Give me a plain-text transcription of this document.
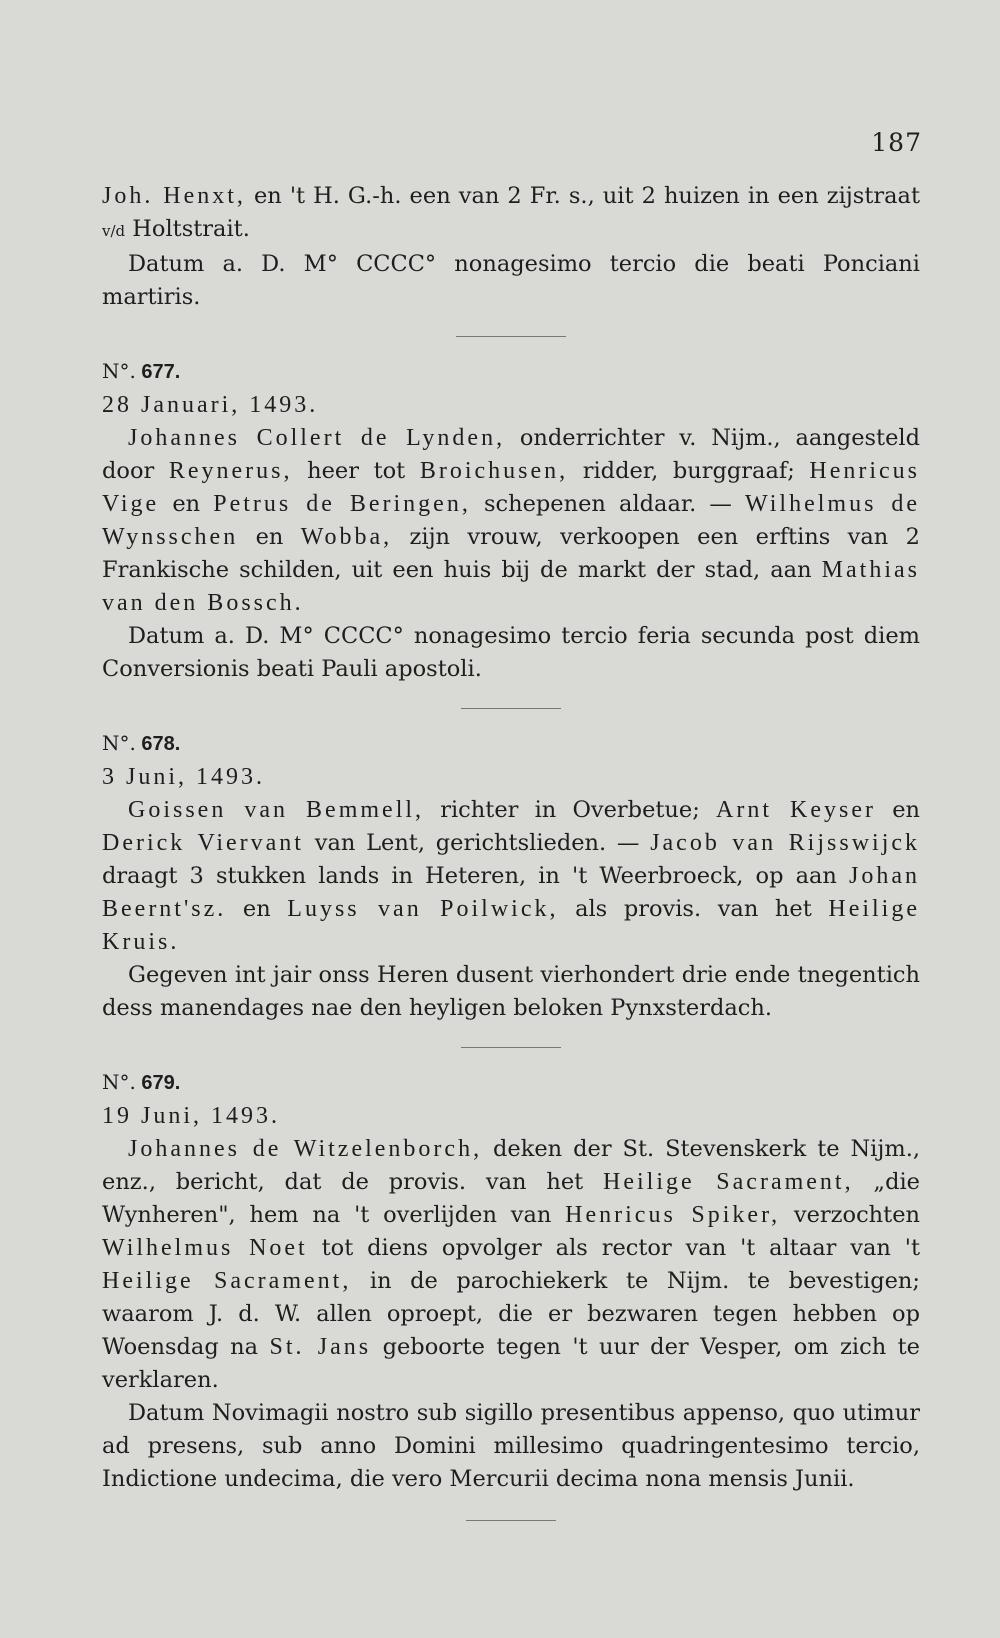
187

Joh. Henxt, en 't H. G.-h. een van 2 Fr. s., uit 2 huizen in een zijstraat v/d Holtstrait.

Datum a. D. M° CCCC° nonagesimo tercio die beati Ponciani martiris.

N°. 677.

28 Januari, 1493.

Johannes Collert de Lynden, onderrichter v. Nijm., aangesteld door Reynerus, heer tot Broichusen, ridder, burggraaf; Henricus Vige en Petrus de Beringen, schepenen aldaar. — Wilhelmus de Wynsschen en Wobba, zijn vrouw, verkoopen een erftins van 2 Frankische schilden, uit een huis bij de markt der stad, aan Mathias van den Bossch.

Datum a. D. M° CCCC° nonagesimo tercio feria secunda post diem Conversionis beati Pauli apostoli.

N°. 678.

3 Juni, 1493.

Goissen van Bemmell, richter in Overbetue; Arnt Keyser en Derick Viervant van Lent, gerichtslieden. — Jacob van Rijsswijck draagt 3 stukken lands in Heteren, in 't Weerbroeck, op aan Johan Beernt'sz. en Luyss van Poilwick, als provis. van het Heilige Kruis.

Gegeven int jair onss Heren dusent vierhondert drie ende tnegentich dess manendages nae den heyligen beloken Pynxsterdach.

N°. 679.

19 Juni, 1493.

Johannes de Witzelenborch, deken der St. Stevenskerk te Nijm., enz., bericht, dat de provis. van het Heilige Sacrament, „die Wynheren", hem na 't overlijden van Henricus Spiker, verzochten Wilhelmus Noet tot diens opvolger als rector van 't altaar van 't Heilige Sacrament, in de parochiekerk te Nijm. te bevestigen; waarom J. d. W. allen oproept, die er bezwaren tegen hebben op Woensdag na St. Jans geboorte tegen 't uur der Vesper, om zich te verklaren.

Datum Novimagii nostro sub sigillo presentibus appenso, quo utimur ad presens, sub anno Domini millesimo quadringentesimo tercio, Indictione undecima, die vero Mercurii decima nona mensis Junii.
